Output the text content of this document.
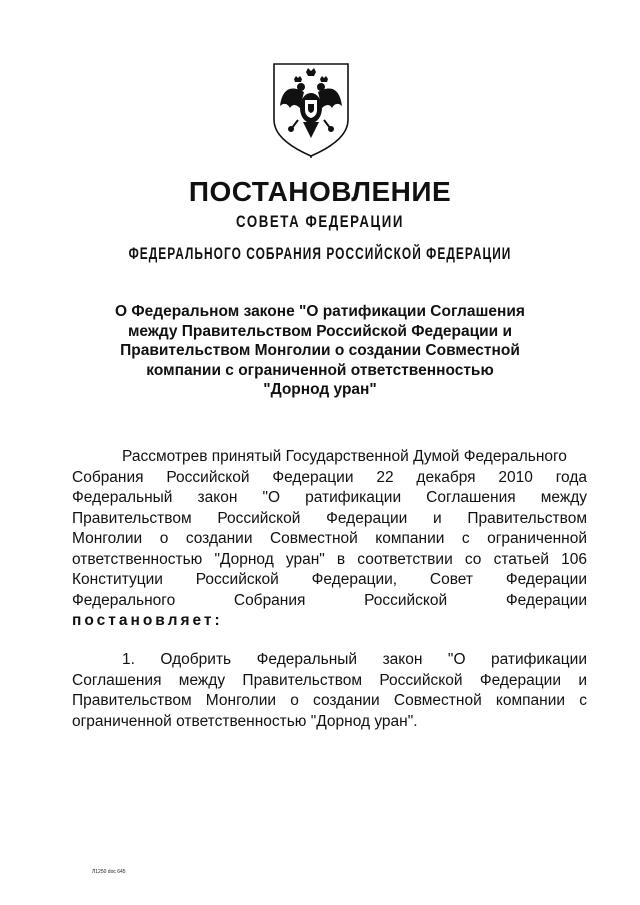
ПОСТАНОВЛЕНИЕ
СОВЕТА ФЕДЕРАЦИИ
ФЕДЕРАЛЬНОГО СОБРАНИЯ РОССИЙСКОЙ ФЕДЕРАЦИИ
О Федеральном законе "О ратификации Соглашения
между Правительством Российской Федерации и
Правительством Монголии о создании Совместной
компании с ограниченной ответственностью
"Дорнод уран"
Рассмотрев принятый Государственной Думой Федерального
Собрания Российской Федерации 22 декабря 2010 года
Федеральный закон "О ратификации Соглашения между
Правительством Российской Федерации и Правительством
Монголии о создании Совместной компании с ограниченной
ответственностью "Дорнод уран" в соответствии со статьей 106
Конституции Российской Федерации, Совет Федерации
Федерального Собрания Российской Федерации
постановляет:
1. Одобрить Федеральный закон "О ратификации
Соглашения между Правительством Российской Федерации и
Правительством Монголии о создании Совместной компании с
ограниченной ответственностью "Дорнод уран".
Л1250 doc 645
